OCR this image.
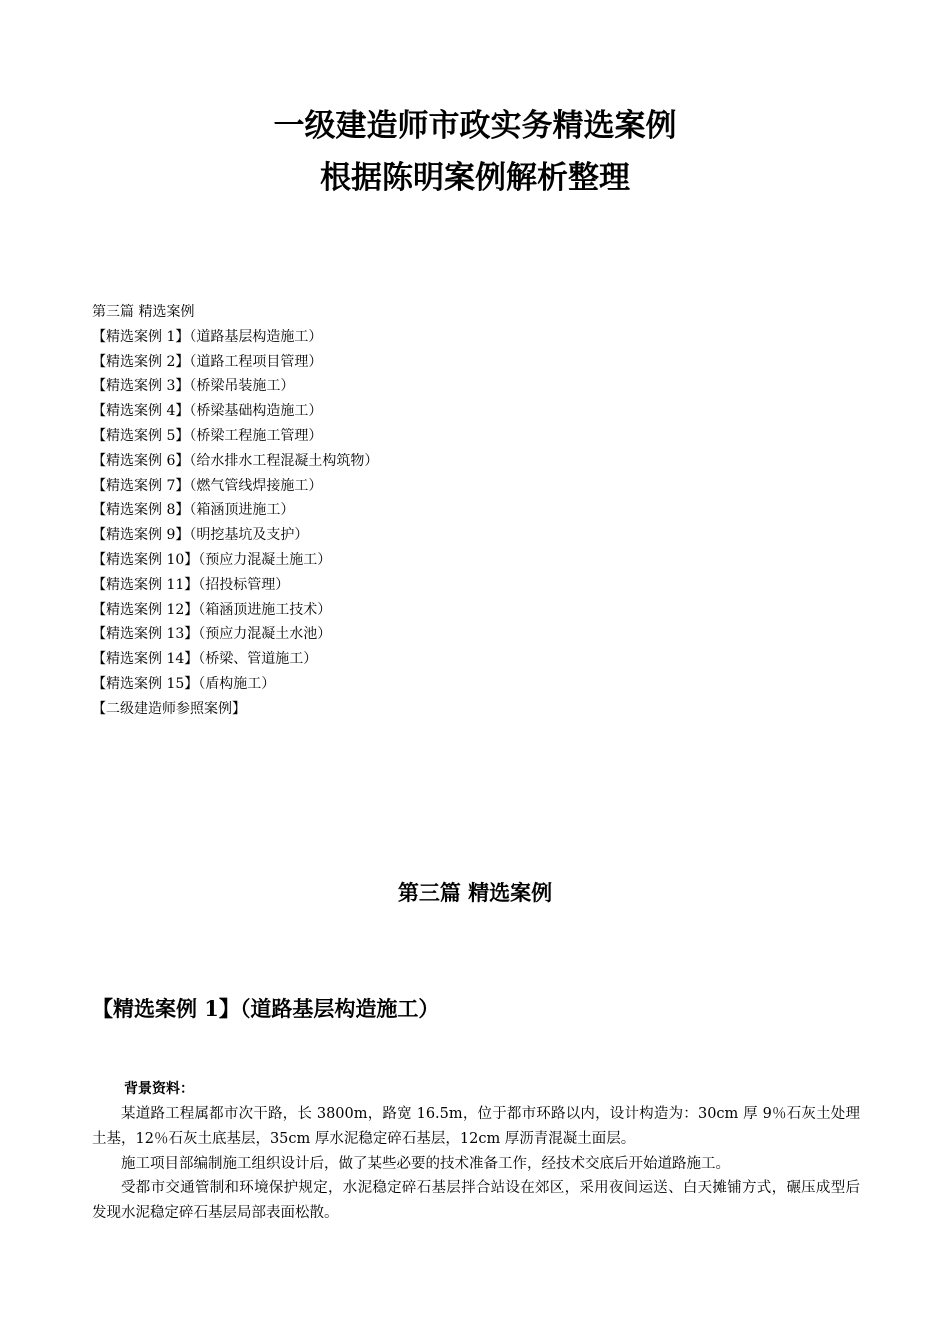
一级建造师市政实务精选案例
根据陈明案例解析整理
第三篇 精选案例
【精选案例 1】（道路基层构造施工）
【精选案例 2】（道路工程项目管理）
【精选案例 3】（桥梁吊装施工）
【精选案例 4】（桥梁基础构造施工）
【精选案例 5】（桥梁工程施工管理）
【精选案例 6】（给水排水工程混凝土构筑物）
【精选案例 7】（燃气管线焊接施工）
【精选案例 8】（箱涵顶进施工）
【精选案例 9】（明挖基坑及支护）
【精选案例 10】（预应力混凝土施工）
【精选案例 11】（招投标管理）
【精选案例 12】（箱涵顶进施工技术）
【精选案例 13】（预应力混凝土水池）
【精选案例 14】（桥梁、管道施工）
【精选案例 15】（盾构施工）
【二级建造师参照案例】
第三篇 精选案例
【精选案例 1】（道路基层构造施工）

背景资料：

某道路工程属都市次干路，长 3800m，路宽 16.5m，位于都市环路以内，设计构造为：30cm 厚 9％石灰土处理土基，12％石灰土底基层，35cm 厚水泥稳定碎石基层，12cm 厚沥青混凝土面层。

施工项目部编制施工组织设计后，做了某些必要的技术准备工作，经技术交底后开始道路施工。

受都市交通管制和环境保护规定，水泥稳定碎石基层拌合站设在郊区，采用夜间运送、白天摊铺方式，碾压成型后发现水泥稳定碎石基层局部表面松散。
